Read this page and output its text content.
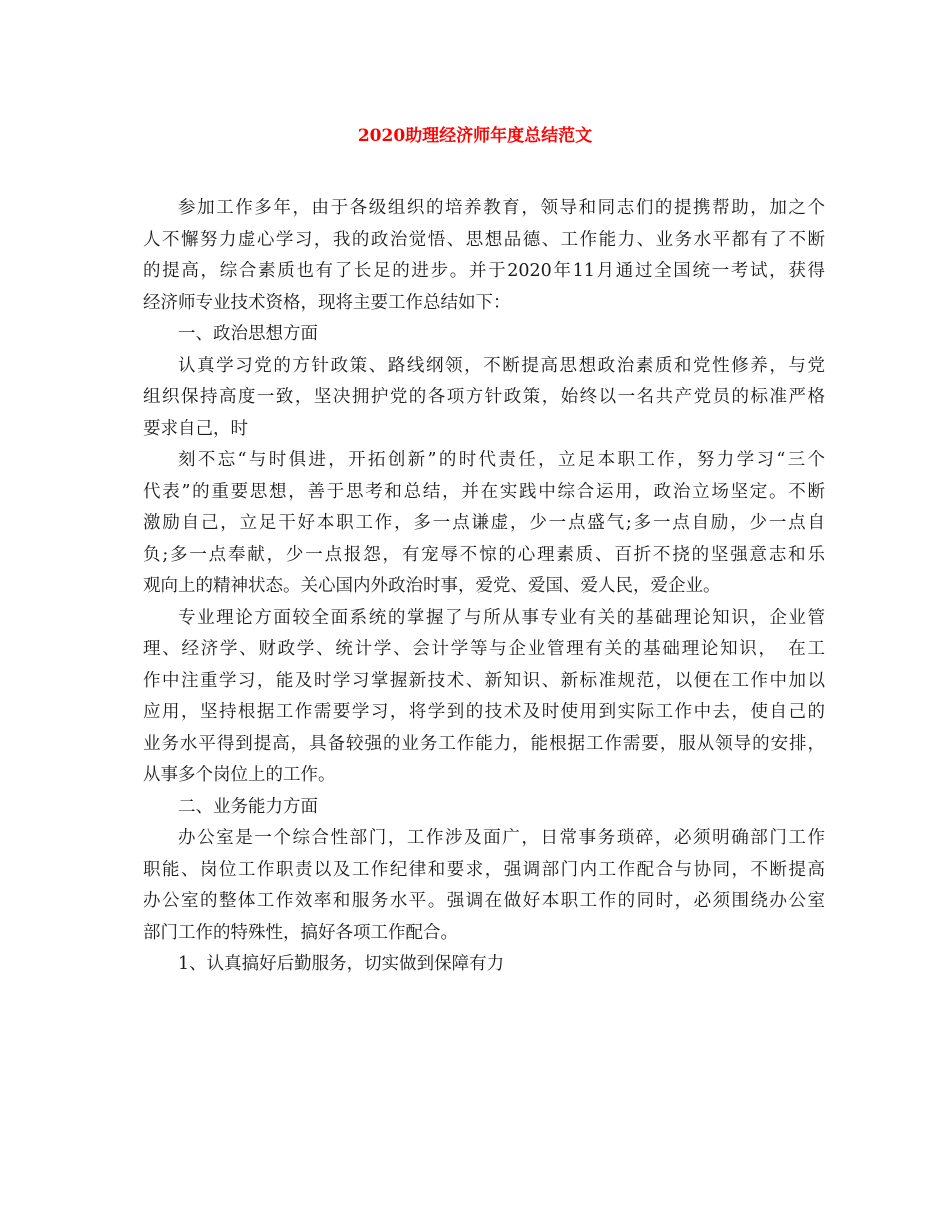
2020助理经济师年度总结范文
参加工作多年，由于各级组织的培养教育，领导和同志们的提携帮助，加之个
人不懈努力虚心学习，我的政治觉悟、思想品德、工作能力、业务水平都有了不断
的提高，综合素质也有了长足的进步。并于2020年11月通过全国统一考试，获得
经济师专业技术资格，现将主要工作总结如下：
一、政治思想方面
认真学习党的方针政策、路线纲领，不断提高思想政治素质和党性修养，与党
组织保持高度一致，坚决拥护党的各项方针政策，始终以一名共产党员的标准严格
要求自己，时
刻不忘“与时俱进，开拓创新”的时代责任，立足本职工作，努力学习“三个
代表”的重要思想，善于思考和总结，并在实践中综合运用，政治立场坚定。不断
激励自己，立足干好本职工作，多一点谦虚，少一点盛气;多一点自励，少一点自
负;多一点奉献，少一点报怨，有宠辱不惊的心理素质、百折不挠的坚强意志和乐
观向上的精神状态。关心国内外政治时事，爱党、爱国、爱人民，爱企业。
专业理论方面较全面系统的掌握了与所从事专业有关的基础理论知识，企业管
理、经济学、财政学、统计学、会计学等与企业管理有关的基础理论知识，　在工
作中注重学习，能及时学习掌握新技术、新知识、新标准规范，以便在工作中加以
应用，坚持根据工作需要学习，将学到的技术及时使用到实际工作中去，使自己的
业务水平得到提高，具备较强的业务工作能力，能根据工作需要，服从领导的安排，
从事多个岗位上的工作。
二、业务能力方面
办公室是一个综合性部门，工作涉及面广，日常事务琐碎，必须明确部门工作
职能、岗位工作职责以及工作纪律和要求，强调部门内工作配合与协同，不断提高
办公室的整体工作效率和服务水平。强调在做好本职工作的同时，必须围绕办公室
部门工作的特殊性，搞好各项工作配合。
1、认真搞好后勤服务，切实做到保障有力
